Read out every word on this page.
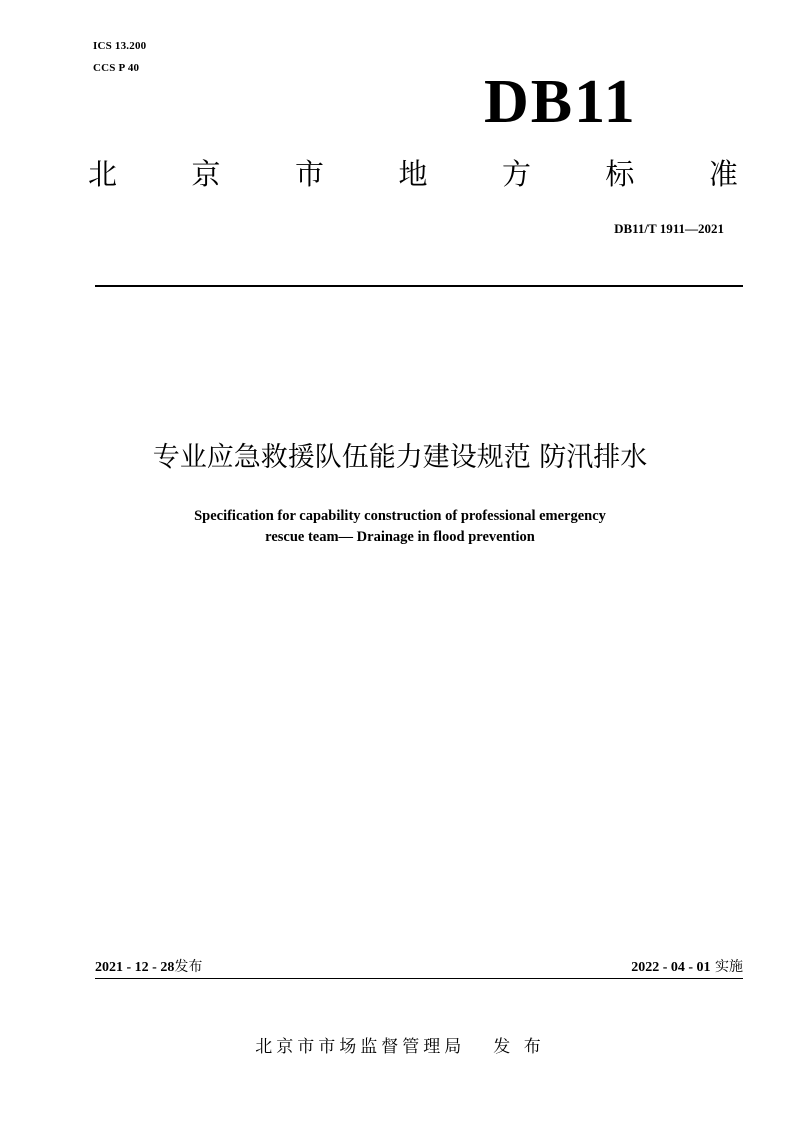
ICS 13.200
CCS P 40	DB11
北	京	市	地	方	标	准
DB11/T 1911—2021
专业应急救援队伍能力建设规范 防汛排水
Specification for capability construction of professional emergency
rescue team— Drainage in flood prevention
2021 - 12 - 28发布	2022 - 04 - 01 实施
北京市市场监督管理局 发 布
